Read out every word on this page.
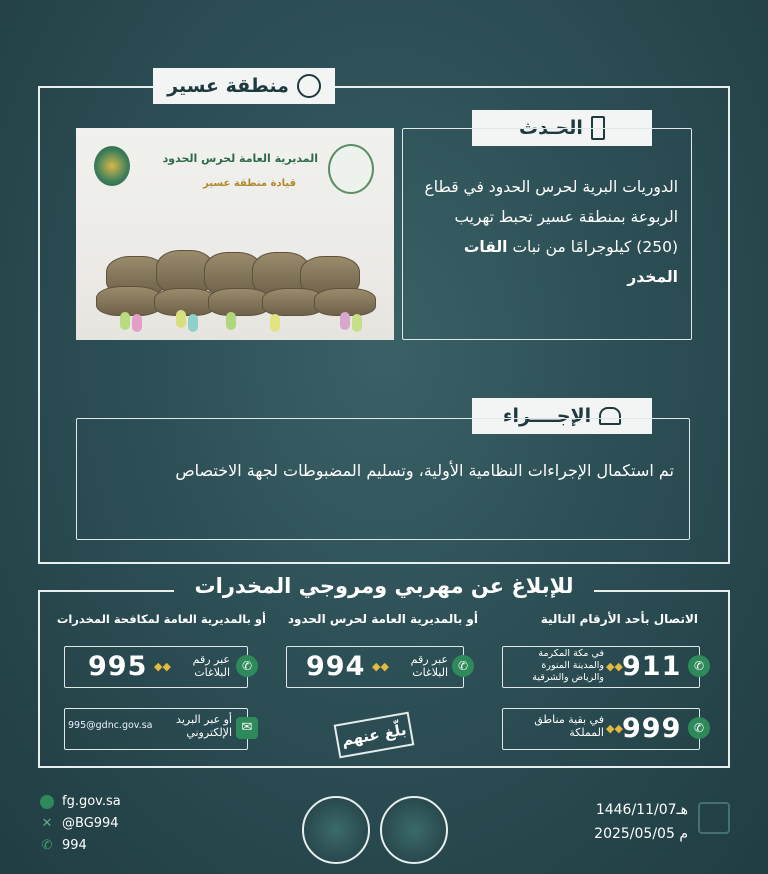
منطقة عسير
الحـدث
الدوريات البرية لحرس الحدود في قطاع الربوعة بمنطقة عسير تحبط تهريب (250) كيلوجرامًا من نبات القات المخدر
المديرية العامة لحرس الحدود
قيادة منطقة عسير
الإجــــراء
تم استكمال الإجراءات النظامية الأولية، وتسليم المضبوطات لجهة الاختصاص
للإبلاغ عن مهربي ومروجي المخدرات
الاتصال بأحد الأرقام التالية
✆
911
◆◆
في مكة المكرمة والمدينة المنورة والرياض والشرقية
✆
999
◆◆
في بقية مناطق المملكة
أو بالمديرية العامة لحرس الحدود
✆
عبر رقم البلاغات
◆◆
994
بلّغ عنهم
أو بالمديرية العامة لمكافحة المخدرات
✆
عبر رقم البلاغات
◆◆
995
✉
أو عبر البريد الإلكتروني
995@gdnc.gov.sa
fg.gov.sa
✕ @BG994
✆ 994
1446/11/07هـ
2025/05/05 م
